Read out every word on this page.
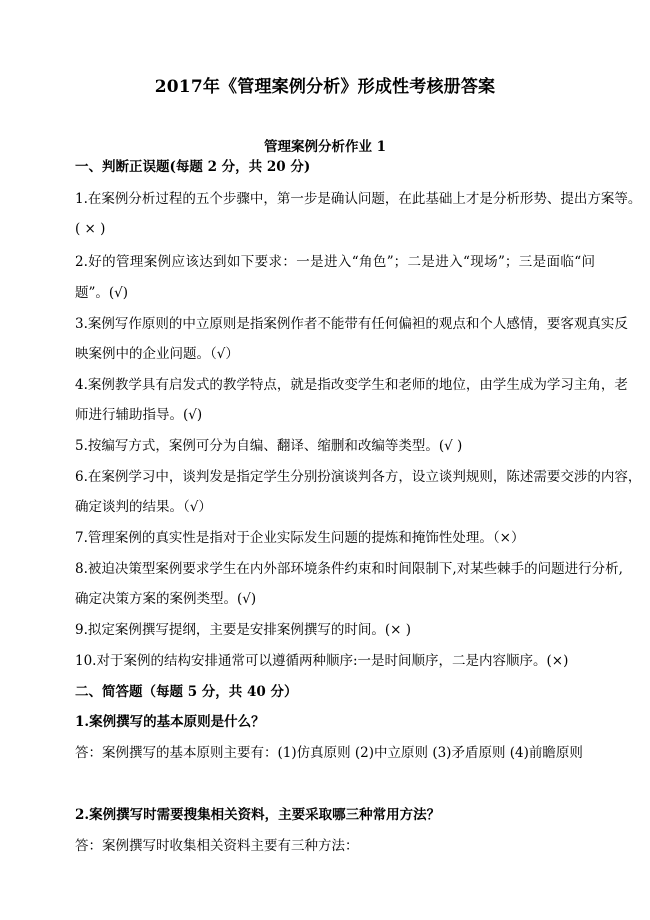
2017年《管理案例分析》形成性考核册答案
管理案例分析作业 1
一、判断正误题(每题 2 分，共 20 分)
1.在案例分析过程的五个步骤中，第一步是确认问题，在此基础上才是分析形势、提出方案等。
( × )
2.好的管理案例应该达到如下要求：一是进入“角色”；二是进入“现场”；三是面临“问
题”。(√)
3.案例写作原则的中立原则是指案例作者不能带有任何偏袒的观点和个人感情，要客观真实反
映案例中的企业问题。（√）
4.案例教学具有启发式的教学特点，就是指改变学生和老师的地位，由学生成为学习主角，老
师进行辅助指导。(√)
5.按编写方式，案例可分为自编、翻译、缩删和改编等类型。(√ )
6.在案例学习中，谈判发是指定学生分别扮演谈判各方，设立谈判规则，陈述需要交涉的内容，
确定谈判的结果。（√）
7.管理案例的真实性是指对于企业实际发生问题的提炼和掩饰性处理。（×）
8.被迫决策型案例要求学生在内外部环境条件约束和时间限制下,对某些棘手的问题进行分析,
确定决策方案的案例类型。(√)
9.拟定案例撰写提纲，主要是安排案例撰写的时间。(× )
10.对于案例的结构安排通常可以遵循两种顺序:一是时间顺序，二是内容顺序。(×)
二、简答题（每题 5 分，共 40 分）
1.案例撰写的基本原则是什么？
答：案例撰写的基本原则主要有：(1)仿真原则 (2)中立原则 (3)矛盾原则 (4)前瞻原则
2.案例撰写时需要搜集相关资料，主要采取哪三种常用方法？
答：案例撰写时收集相关资料主要有三种方法：
